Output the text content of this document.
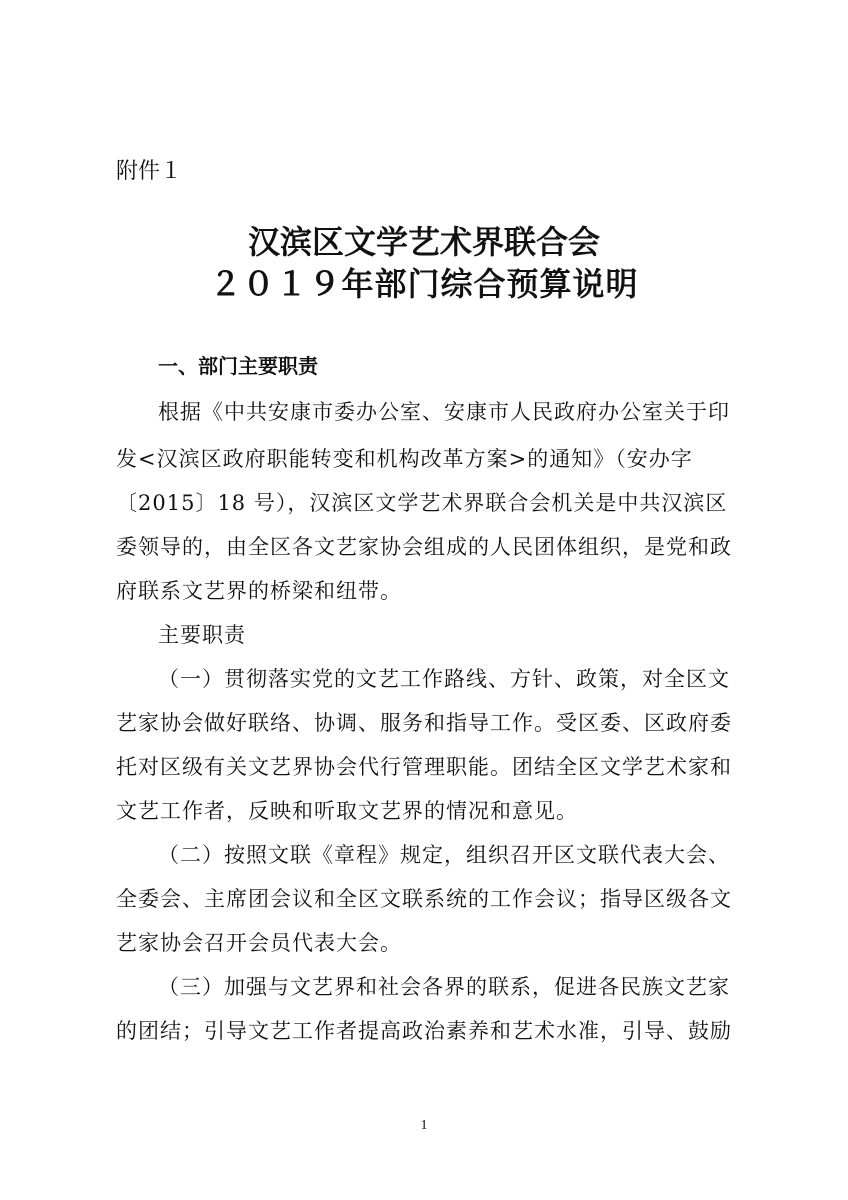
附件１
汉滨区文学艺术界联合会
２０１９年部门综合预算说明
一、部门主要职责
根据《中共安康市委办公室、安康市人民政府办公室关于印
发<汉滨区政府职能转变和机构改革方案>的通知》（安办字
〔2015〕18 号），汉滨区文学艺术界联合会机关是中共汉滨区
委领导的，由全区各文艺家协会组成的人民团体组织，是党和政
府联系文艺界的桥梁和纽带。
主要职责
（一）贯彻落实党的文艺工作路线、方针、政策，对全区文
艺家协会做好联络、协调、服务和指导工作。受区委、区政府委
托对区级有关文艺界协会代行管理职能。团结全区文学艺术家和
文艺工作者，反映和听取文艺界的情况和意见。
（二）按照文联《章程》规定，组织召开区文联代表大会、
全委会、主席团会议和全区文联系统的工作会议；指导区级各文
艺家协会召开会员代表大会。
（三）加强与文艺界和社会各界的联系，促进各民族文艺家
的团结；引导文艺工作者提高政治素养和艺术水准，引导、鼓励
1
